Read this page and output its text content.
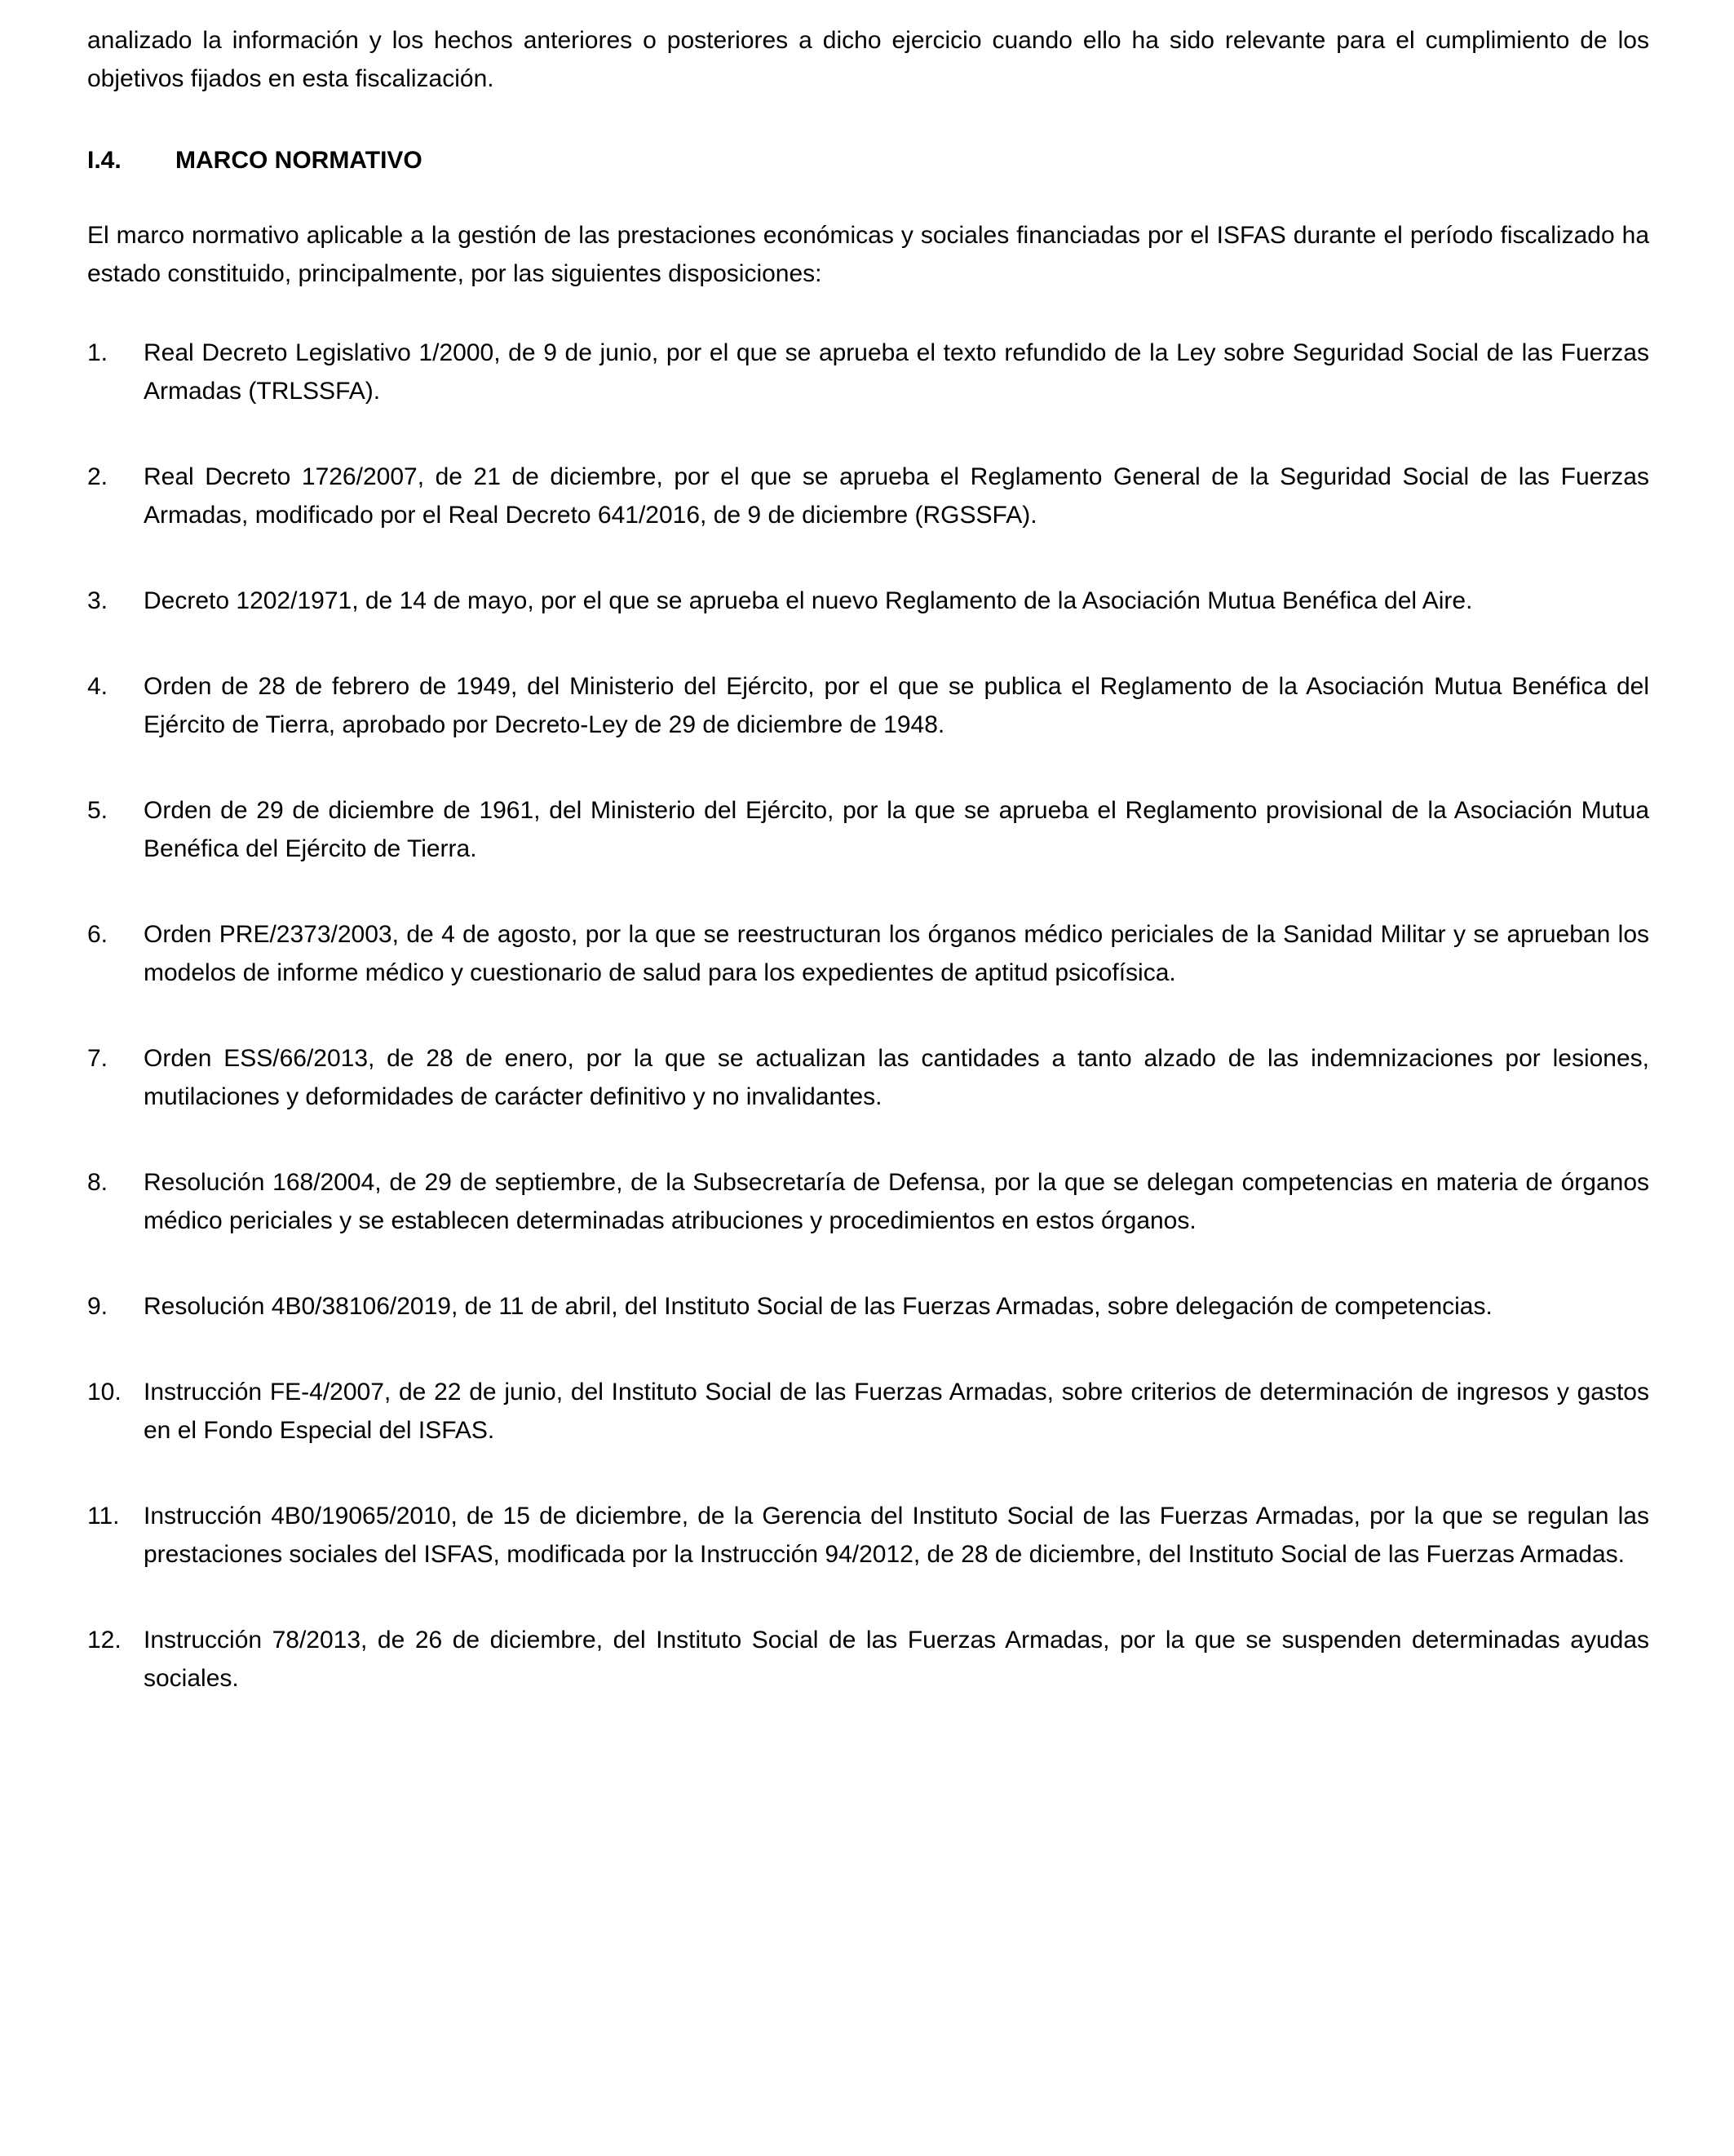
analizado la información y los hechos anteriores o posteriores a dicho ejercicio cuando ello ha sido relevante para el cumplimiento de los objetivos fijados en esta fiscalización.

I.4.	MARCO NORMATIVO

El marco normativo aplicable a la gestión de las prestaciones económicas y sociales financiadas por el ISFAS durante el período fiscalizado ha estado constituido, principalmente, por las siguientes disposiciones:

1.	Real Decreto Legislativo 1/2000, de 9 de junio, por el que se aprueba el texto refundido de la Ley sobre Seguridad Social de las Fuerzas Armadas (TRLSSFA).
2.	Real Decreto 1726/2007, de 21 de diciembre, por el que se aprueba el Reglamento General de la Seguridad Social de las Fuerzas Armadas, modificado por el Real Decreto 641/2016, de 9 de diciembre (RGSSFA).
3.	Decreto 1202/1971, de 14 de mayo, por el que se aprueba el nuevo Reglamento de la Asociación Mutua Benéfica del Aire.
4.	Orden de 28 de febrero de 1949, del Ministerio del Ejército, por el que se publica el Reglamento de la Asociación Mutua Benéfica del Ejército de Tierra, aprobado por Decreto-Ley de 29 de diciembre de 1948.
5.	Orden de 29 de diciembre de 1961, del Ministerio del Ejército, por la que se aprueba el Reglamento provisional de la Asociación Mutua Benéfica del Ejército de Tierra.
6.	Orden PRE/2373/2003, de 4 de agosto, por la que se reestructuran los órganos médico periciales de la Sanidad Militar y se aprueban los modelos de informe médico y cuestionario de salud para los expedientes de aptitud psicofísica.
7.	Orden ESS/66/2013, de 28 de enero, por la que se actualizan las cantidades a tanto alzado de las indemnizaciones por lesiones, mutilaciones y deformidades de carácter definitivo y no invalidantes.
8.	Resolución 168/2004, de 29 de septiembre, de la Subsecretaría de Defensa, por la que se delegan competencias en materia de órganos médico periciales y se establecen determinadas atribuciones y procedimientos en estos órganos.
9.	Resolución 4B0/38106/2019, de 11 de abril, del Instituto Social de las Fuerzas Armadas, sobre delegación de competencias.
10. Instrucción FE-4/2007, de 22 de junio, del Instituto Social de las Fuerzas Armadas, sobre criterios de determinación de ingresos y gastos en el Fondo Especial del ISFAS.
11. Instrucción 4B0/19065/2010, de 15 de diciembre, de la Gerencia del Instituto Social de las Fuerzas Armadas, por la que se regulan las prestaciones sociales del ISFAS, modificada por la Instrucción 94/2012, de 28 de diciembre, del Instituto Social de las Fuerzas Armadas.
12. Instrucción 78/2013, de 26 de diciembre, del Instituto Social de las Fuerzas Armadas, por la que se suspenden determinadas ayudas sociales.
